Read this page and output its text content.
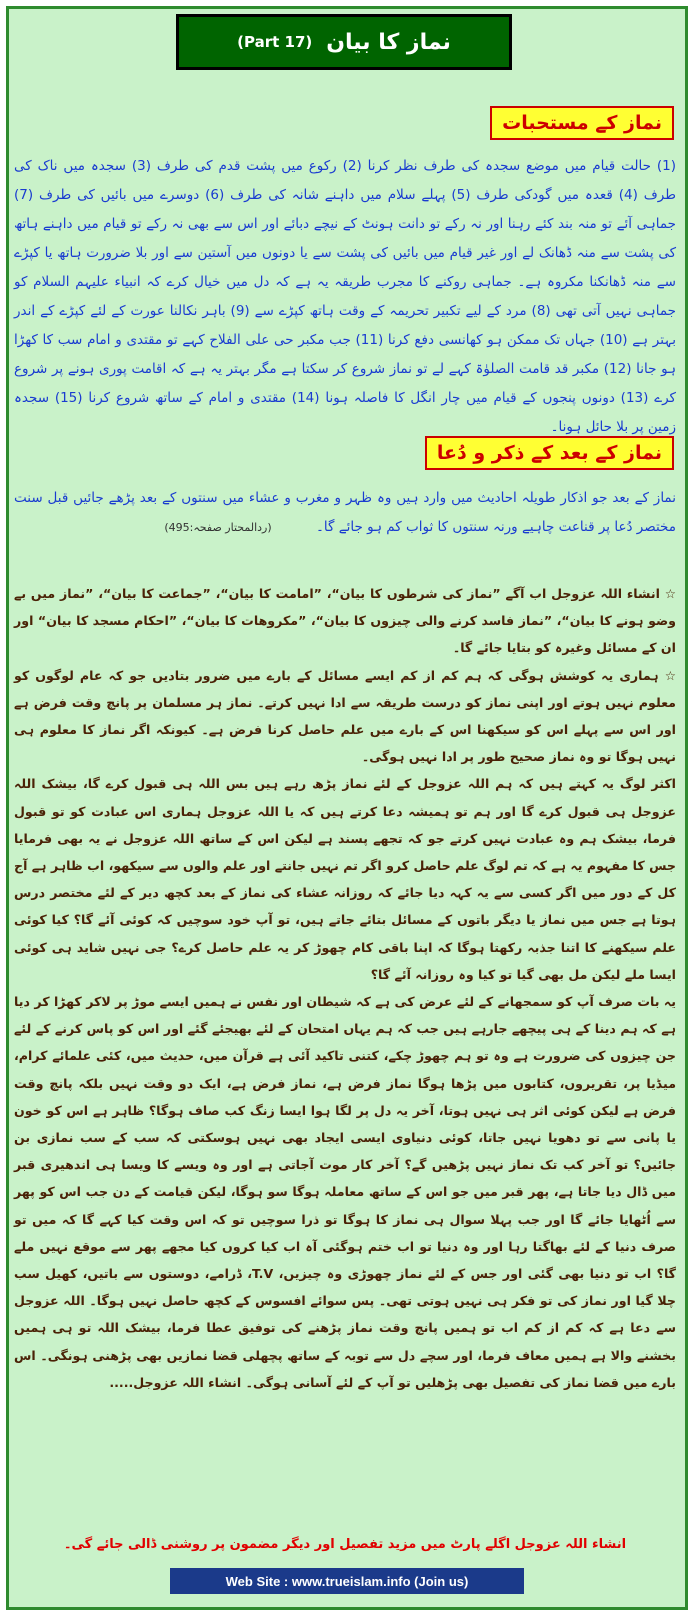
(Part 17) نماز کا بیان
نماز کے مستحبات
(1) حالت قیام میں موضع سجدہ کی طرف نظر کرنا (2) رکوع میں پشت قدم کی طرف (3) سجدہ میں ناک کی طرف (4) قعدہ میں گودکی طرف (5) پہلے سلام میں داہنے شانہ کی طرف (6) دوسرے میں بائیں کی طرف (7) جماہی آئے تو منہ بند کئے رہنا اور نہ رکے تو دانت ہونٹ کے نیچے دبائے اور اس سے بھی نہ رکے تو قیام میں داہنے ہاتھ کی پشت سے منہ ڈھانک لے اور غیر قیام میں بائیں کی پشت سے یا دونوں میں آستین سے اور بلا ضرورت ہاتھ یا کپڑے سے منہ ڈھانکنا مکروہ ہے۔ جماہی روکنے کا مجرب طریقہ یہ ہے کہ دل میں خیال کرے کہ انبیاء علیہم السلام کو جماہی نہیں آتی تھی (8) مرد کے لیے تکبیر تحریمہ کے وقت ہاتھ کپڑے سے (9) باہر نکالنا عورت کے لئے کپڑے کے اندر بہتر ہے (10) جہاں تک ممکن ہو کھانسی دفع کرنا (11) جب مکبر حی علی الفلاح کہے تو مقتدی و امام سب کا کھڑا ہو جانا (12) مکبر قد قامت الصلوٰۃ کہے لے تو نماز شروع کر سکتا ہے مگر بہتر یہ ہے کہ اقامت پوری ہونے پر شروع کرے (13) دونوں پنجوں کے قیام میں چار انگل کا فاصلہ ہونا (14) مقتدی و امام کے ساتھ شروع کرنا (15) سجدہ زمین پر بلا حائل ہونا۔
نماز کے بعد کے ذکر و دُعا
نماز کے بعد جو اذکار طویلہ احادیث میں وارد ہیں وہ ظہر و مغرب و عشاء میں سنتوں کے بعد پڑھے جائیں قبل سنت مختصر دُعا پر قناعت چاہیے ورنہ سنتوں کا ثواب کم ہو جائے گا۔ (ردالمحتار صفحہ:495)
☆ انشاء اللہ عزوجل اب آگے ”نماز کی شرطوں کا بیان“، ”امامت کا بیان“، ”جماعت کا بیان“، ”نماز میں بے وضو ہونے کا بیان“، ”نماز فاسد کرنے والی چیزوں کا بیان“، ”مکروھات کا بیان“، ”احکام مسجد کا بیان“ اور ان کے مسائل وغیرہ کو بتایا جائے گا۔
☆ ہماری یہ کوشش ہوگی کہ ہم کم از کم ایسے مسائل کے بارے میں ضرور بتادیں جو کہ عام لوگوں کو معلوم نہیں ہوتے اور اپنی نماز کو درست طریقہ سے ادا نہیں کرتے۔ نماز ہر مسلمان پر پانچ وقت فرض ہے اور اس سے پہلے اس کو سیکھنا اس کے بارے میں علم حاصل کرنا فرض ہے۔ کیونکہ اگر نماز کا معلوم ہی نہیں ہوگا تو وہ نماز صحیح طور پر ادا نہیں ہوگی۔
اکثر لوگ یہ کہتے ہیں کہ ہم اللہ عزوجل کے لئے نماز پڑھ رہے ہیں بس اللہ ہی قبول کرے گا، بیشک اللہ عزوجل ہی قبول کرے گا اور ہم تو ہمیشہ دعا کرتے ہیں کہ یا اللہ عزوجل ہماری اس عبادت کو تو قبول فرما، بیشک ہم وہ عبادت نہیں کرتے جو کہ تجھے پسند ہے لیکن اس کے ساتھ اللہ عزوجل نے یہ بھی فرمایا جس کا مفہوم یہ ہے کہ تم لوگ علم حاصل کرو اگر تم نہیں جانتے اور علم والوں سے سیکھو، اب ظاہر ہے آج کل کے دور میں اگر کسی سے یہ کہہ دیا جائے کہ روزانہ عشاء کی نماز کے بعد کچھ دیر کے لئے مختصر درس ہوتا ہے جس میں نماز یا دیگر باتوں کے مسائل بتائے جاتے ہیں، تو آپ خود سوچیں کہ کوئی آئے گا؟ کیا کوئی علم سیکھنے کا اتنا جذبہ رکھتا ہوگا کہ اپنا باقی کام چھوڑ کر یہ علم حاصل کرے؟ جی نہیں شاید ہی کوئی ایسا ملے لیکن مل بھی گیا تو کیا وہ روزانہ آئے گا؟
یہ بات صرف آپ کو سمجھانے کے لئے عرض کی ہے کہ شیطان اور نفس نے ہمیں ایسے موڑ پر لاکر کھڑا کر دیا ہے کہ ہم دینا کے ہی پیچھے جارہے ہیں جب کہ ہم یہاں امتحان کے لئے بھیجئے گئے اور اس کو پاس کرنے کے لئے جن چیزوں کی ضرورت ہے وہ تو ہم چھوڑ چکے، کتنی تاکید آئی ہے قرآن میں، حدیث میں، کئی علمائے کرام، میڈیا پر، تقریروں، کتابوں میں پڑھا ہوگا نماز فرض ہے، نماز فرض ہے، ایک دو وقت نہیں بلکہ پانچ وقت فرض ہے لیکن کوئی اثر ہی نہیں ہوتا، آخر یہ دل پر لگا ہوا ایسا زنگ کب صاف ہوگا؟ ظاہر ہے اس کو خون یا پانی سے تو دھویا نہیں جاتا، کوئی دنیاوی ایسی ایجاد بھی نہیں ہوسکتی کہ سب کے سب نمازی بن جائیں؟ تو آخر کب تک نماز نہیں پڑھیں گے؟ آخر کار موت آجاتی ہے اور وہ ویسے کا ویسا ہی اندھیری قبر میں ڈال دیا جاتا ہے، پھر قبر میں جو اس کے ساتھ معاملہ ہوگا سو ہوگا، لیکن قیامت کے دن جب اس کو پھر سے اُٹھایا جائے گا اور جب پہلا سوال ہی نماز کا ہوگا تو ذرا سوچیں تو کہ اس وقت کیا کہے گا کہ میں تو صرف دنیا کے لئے بھاگتا رہا اور وہ دنیا تو اب ختم ہوگئی آہ اب کیا کروں کیا مجھے پھر سے موقع نہیں ملے گا؟ اب تو دنیا بھی گئی اور جس کے لئے نماز چھوڑی وہ چیزیں، T.V، ڈرامے، دوستوں سے باتیں، کھیل سب چلا گیا اور نماز کی تو فکر ہی نہیں ہوتی تھی۔ پس سوائے افسوس کے کچھ حاصل نہیں ہوگا۔ اللہ عزوجل سے دعا ہے کہ کم از کم اب تو ہمیں پانچ وقت نماز پڑھنے کی توفیق عطا فرما، بیشک اللہ تو ہی ہمیں بخشنے والا ہے ہمیں معاف فرما، اور سچے دل سے توبہ کے ساتھ پچھلی قضا نمازیں بھی پڑھنی ہونگی۔ اس بارے میں قضا نماز کی تفصیل بھی پڑھلیں تو آپ کے لئے آسانی ہوگی۔ انشاء اللہ عزوجل.....
انشاء اللہ عزوجل اگلے پارٹ میں مزید تفصیل اور دیگر مضمون پر روشنی ڈالی جائے گی۔
Web Site : www.trueislam.info (Join us)
